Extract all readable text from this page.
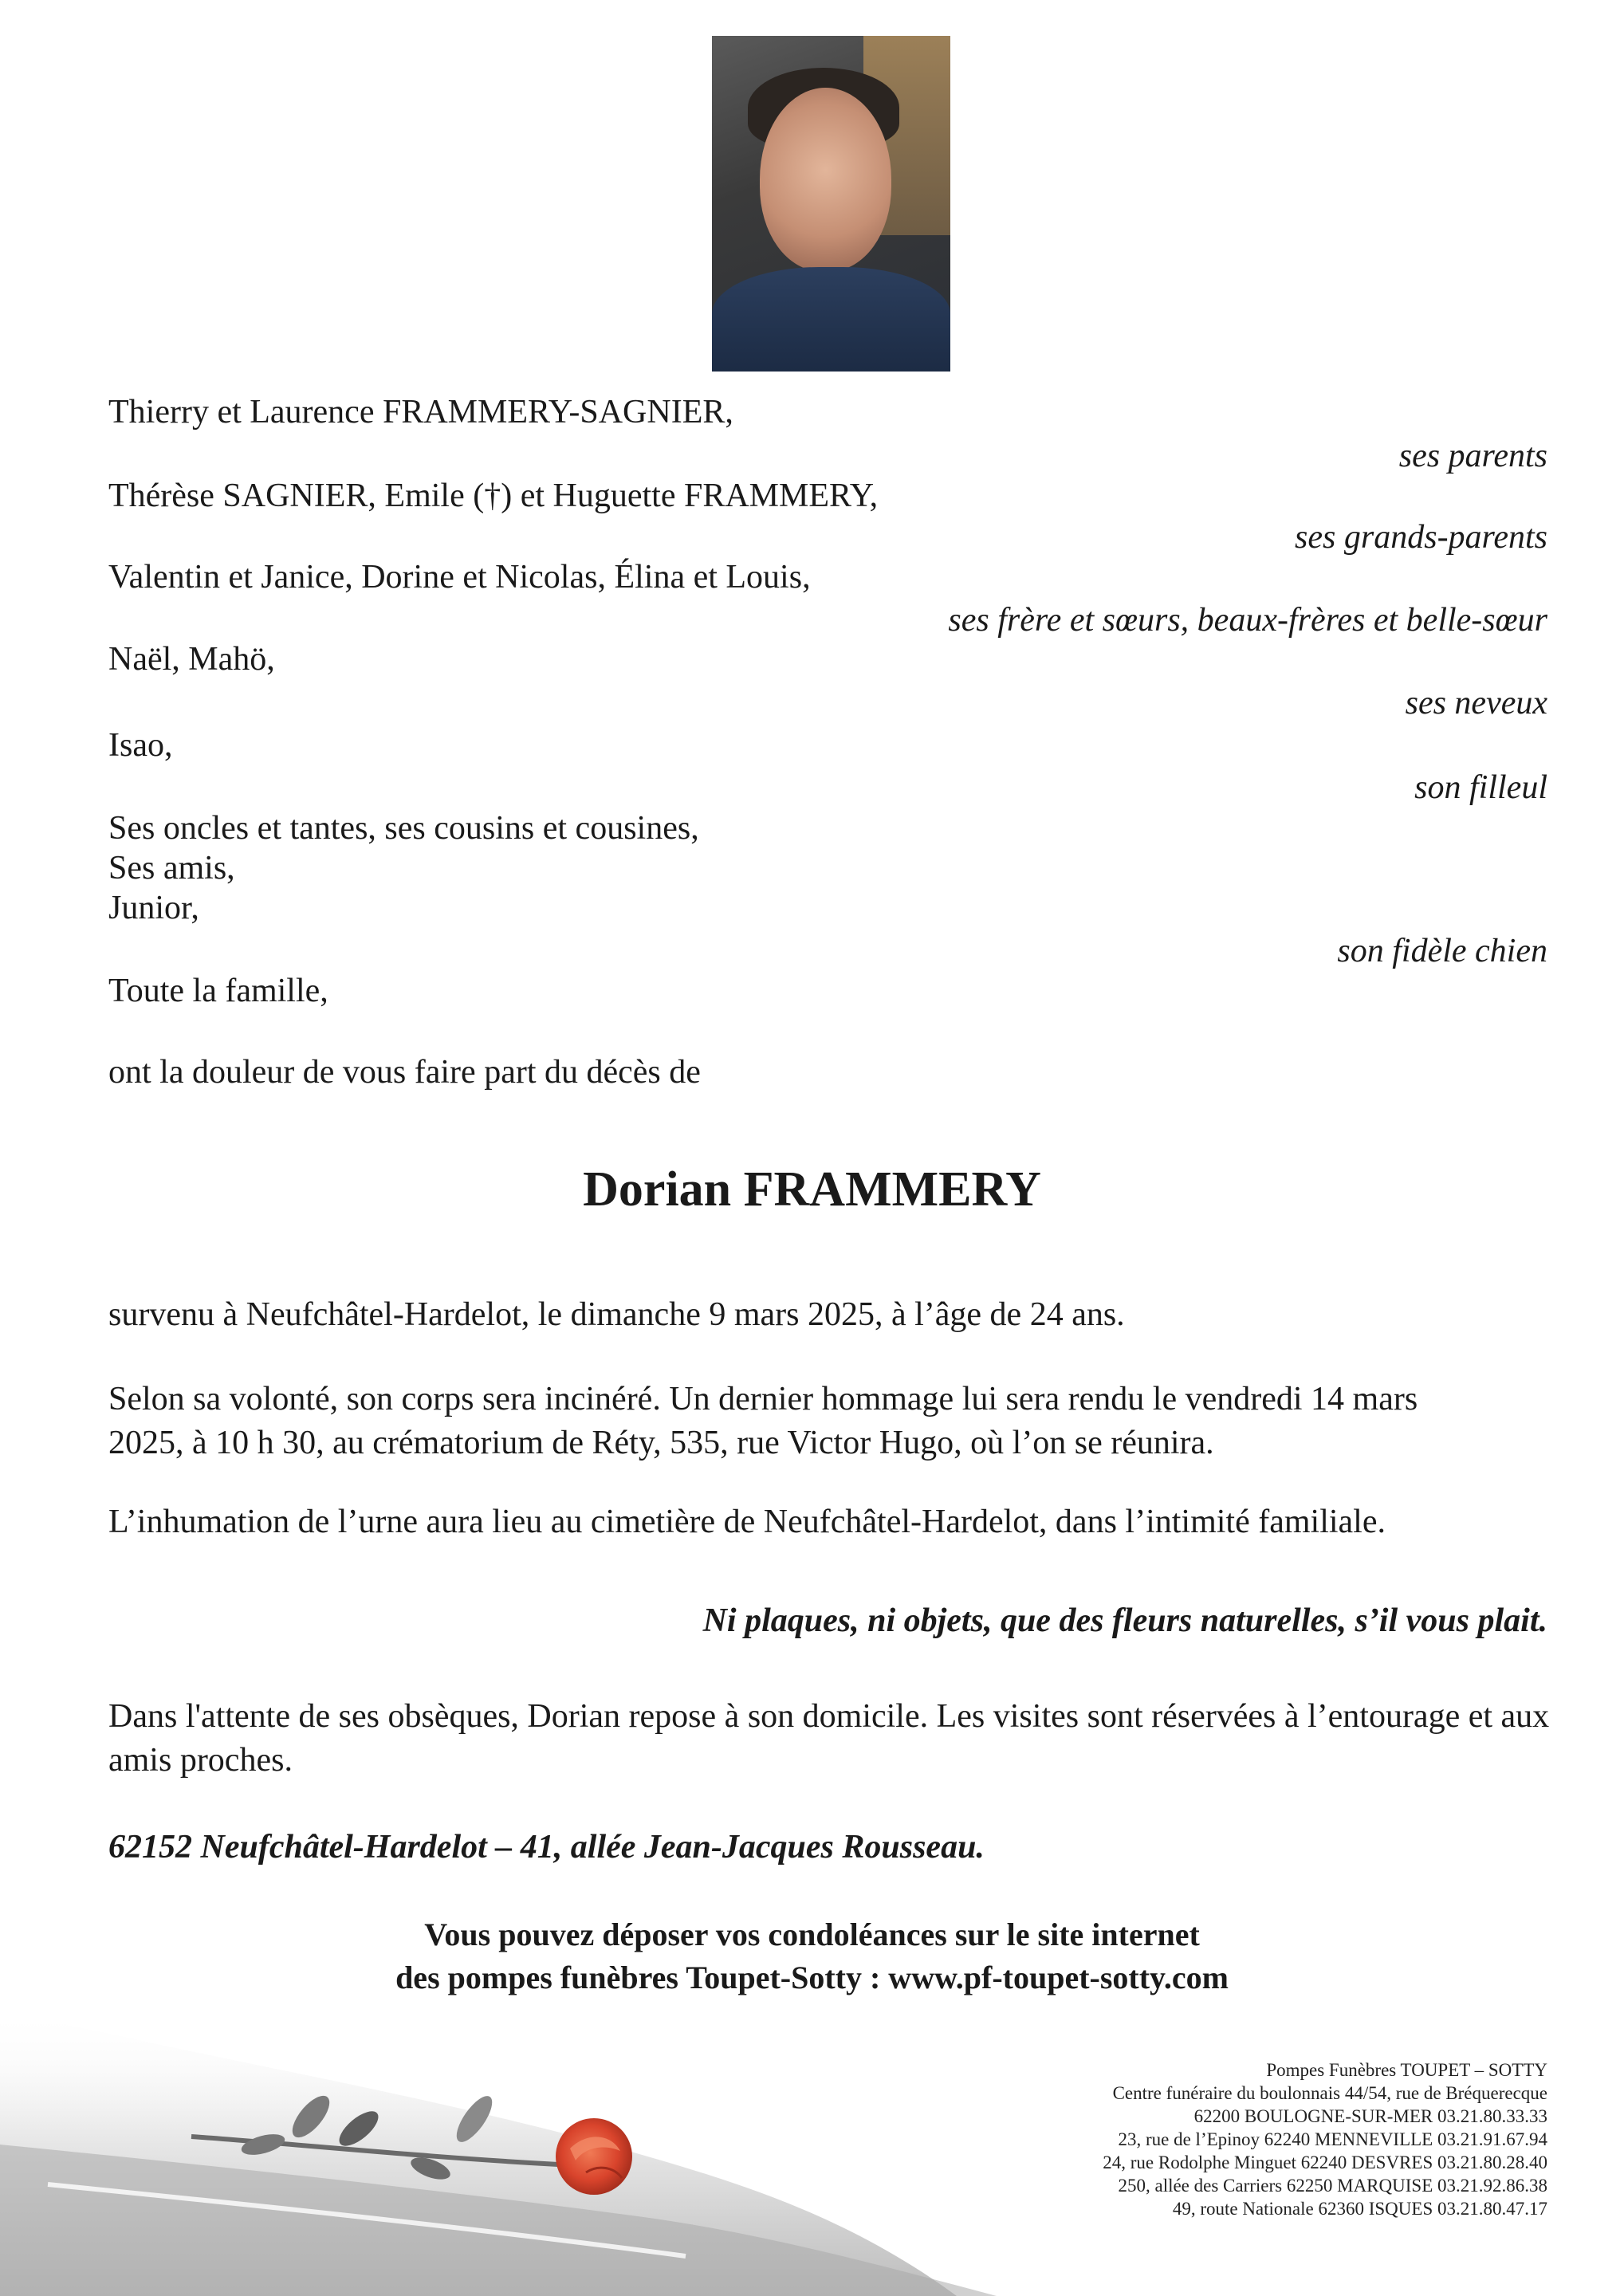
Thierry et Laurence FRAMMERY-SAGNIER,
ses parents
Thérèse SAGNIER, Emile (†) et Huguette FRAMMERY,
ses grands-parents
Valentin et Janice, Dorine et Nicolas, Élina et Louis,
ses frère et sœurs, beaux-frères et belle-sœur
Naël, Mahö,
ses neveux
Isao,
son filleul
Ses oncles et tantes, ses cousins et cousines,
Ses amis,
Junior,
son fidèle chien
Toute la famille,
ont la douleur de vous faire part du décès de
Dorian FRAMMERY
survenu à Neufchâtel-Hardelot, le dimanche 9 mars 2025, à l’âge de 24 ans.
Selon sa volonté, son corps sera incinéré. Un dernier hommage lui sera rendu le vendredi 14 mars 2025, à 10 h 30, au crématorium de Réty, 535, rue Victor Hugo, où l’on se réunira.
L’inhumation de l’urne aura lieu au cimetière de Neufchâtel-Hardelot, dans l’intimité familiale.
Ni plaques, ni objets, que des fleurs naturelles, s’il vous plait.
Dans l'attente de ses obsèques, Dorian repose à son domicile. Les visites sont réservées à l’entourage et aux amis proches.
62152 Neufchâtel-Hardelot – 41, allée Jean-Jacques Rousseau.
Vous pouvez déposer vos condoléances sur le site internet
des pompes funèbres Toupet-Sotty : www.pf-toupet-sotty.com
Pompes Funèbres TOUPET – SOTTY
Centre funéraire du boulonnais 44/54, rue de Bréquerecque
62200 BOULOGNE-SUR-MER 03.21.80.33.33
23, rue de l’Epinoy 62240 MENNEVILLE 03.21.91.67.94
24, rue Rodolphe Minguet 62240 DESVRES 03.21.80.28.40
250, allée des Carriers 62250 MARQUISE 03.21.92.86.38
49, route Nationale 62360 ISQUES 03.21.80.47.17
